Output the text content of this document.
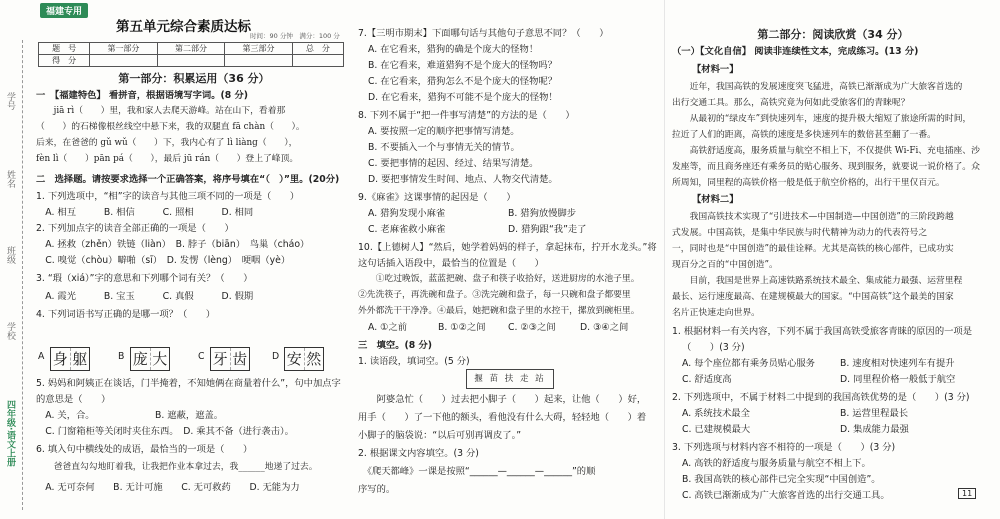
学号
姓名
班级
学校
四年级·语文上册
福建专用
第五单元综合素质达标
时间：90 分钟　满分：100 分
题　号	第一部分	第二部分	第三部分	总　分
得　分				
第一部分：积累运用（36 分）
一　【福建特色】 看拼音，根据语境写字词。(8 分)
　　jiā rì（　　）里，我和家人去爬天游峰。站在山下，看着那
（　　）的石梯像根丝线空中悬下来，我的双腿直 fā chàn（　　）。
后来，在爸爸的 gǔ wǔ（　　）下，我内心有了 lì liàng（　　），
fèn lì（　　）pān pá（　　），最后 jū rán（　　）登上了峰顶。
二　选择题。请按要求选择一个正确答案，将序号填在“（　）”里。(20分)
1. 下列选项中，“相”字的读音与其他三项不同的一项是（　　）
　A. 相互　　　B. 相信　　　C. 照相　　　D. 相同
2. 下列加点字的读音全部正确的一项是（　　）
　A. 拯救（zhěn）铁链（liàn）　B. 脖子（biān）　鸟巢（cháo）
　C. 嗅觉（chòu）噼啪（sī）　D. 发愣（lèng）　哽咽（yè）
3. “瑕（xiá）”字的意思和下列哪个词有关？（　　）
　A. 霞光　　　B. 宝玉　　　C. 真假　　　D. 假期
4. 下列词语书写正确的是哪一项？（　　）
A 身 躯	B 庞 大	C 牙 齿	D 安 然
5. 妈妈和阿姨正在谈话，门半掩着，不知她俩在商量着什么”，句中加点字
的意思是（　　）
　A. 关，合。　　　　　　　B. 遮蔽，遮盖。
　C. 门窗箱柜等关闭时夹住东西。　D. 乘其不备（进行袭击）。
6. 填入句中横线处的成语，最恰当的一项是（　　）
　　爸爸直勾勾地盯着我，让我把作业本拿过去，我______地递了过去。
　A. 无可奈何　　B. 无计可施　　C. 无可救药　　D. 无能为力
7.【三明市期末】下面哪句话与其他句子意思不同？（　　）
A. 在它看来，猎狗的确是个庞大的怪物！
B. 在它看来，难道猎狗不是个庞大的怪物吗？
C. 在它看来，猎狗怎么不是个庞大的怪物呢？
D. 在它看来，猎狗不可能不是个庞大的怪物！
8. 下列不属于“把一件事写清楚”的方法的是（　　）
A. 要按照一定的顺序把事情写清楚。
B. 不要插入一个与事情无关的情节。
C. 要把事情的起因、经过、结果写清楚。
D. 要把事情发生时间、地点、人物交代清楚。
9.《麻雀》这课事情的起因是（　　）
A. 猎狗发现小麻雀	B. 猎狗放慢脚步
C. 老麻雀救小麻雀	D. 猎狗跟“我”走了
10.【上德树人】“然后，她学着妈妈的样子，拿起抹布，拧开水龙头。”将
这句话插入语段中，最恰当的位置是（　　）
　　①吃过晚饭，蓝蓝把碗、盘子和筷子收拾好，送进厨房的水池子里。
②先洗筷子，再洗碗和盘子。③洗完碗和盘子，每一只碗和盘子都要里
外外都洗干干净净。④最后，她把碗和盘子里的水控干，摞放到碗柜里。
A. ①之前	B. ①②之间 C. ②③之间	D. ③④之间
三　填空。(8 分)
1. 读语段，填词空。(5 分)
揠 苗 扶 走 站
　　阿婆急忙（　　）过去把小脚子（　　）起来，让他（　　）好，
用手（　　）了一下他的额头，看他没有什么大碍，轻轻地（　　）着
小脚子的脑袋说：“以后可别再调皮了。”
2. 根据课文内容填空。(3 分)
　《爬天都峰》一课是按照“______—______—______”的顺
序写的。
第二部分：阅读欣赏（34 分）
（一）【文化自信】 阅读非连续性文本，完成练习。(13 分)
【材料一】
　　近年，我国高铁的发展速度突飞猛进，高铁已渐渐成为广大旅客首选的
出行交通工具。那么，高铁究竟为何如此受旅客们的青睐呢？
　　从最初的“绿皮车”到快速列车，速度的提升极大缩短了旅途所需的时间，
拉近了人们的距离，高铁的速度是多快速列车的数倍甚至翻了一番。
　　高铁舒适度高，服务质量与航空不相上下，不仅提供 Wi-Fi、充电插座、沙
发座等，而且商务座还有乘务员的贴心服务、现到服务，就要说一说价格了。众
所周知，同里程的高铁价格一般是低于航空价格的，出行干里仅百元。
【材料二】
　　我国高铁技术实现了“引进技术—中国制造—中国创造”的三阶段跨越
式发展。中国高铁，是集中华民族与时代精神为动力的代表符号之
一，同时也是“中国创造”的最佳诠释。尤其是高铁的核心部件，已成功实
现百分之百的“中国创造”。
　　目前，我国是世界上高速铁路系统技术最全、集成能力最强、运营里程
最长、运行速度最高、在建规模最大的国家。“中国高铁”这个最美的国家
名片正快速走向世界。
1. 根据材料一有关内容，下列不属于我国高铁受旅客青睐的原因的一项是
（　　）(3 分)
A. 每个座位都有乘务员贴心服务	B. 速度相对快速列车有提升
C. 舒适度高	D. 同里程价格一般低于航空
2. 下列选项中，不属于材料二中提到的我国高铁优势的是（　　）(3 分)
A. 系统技术最全	B. 运营里程最长
C. 已建规模最大	D. 集成能力最强
3. 下列选项与材料内容不相符的一项是（　　）(3 分)
A. 高铁的舒适度与服务质量与航空不相上下。
B. 我国高铁的核心部件已完全实现“中国创造”。
C. 高铁已渐渐成为广大旅客首选的出行交通工具。	11
